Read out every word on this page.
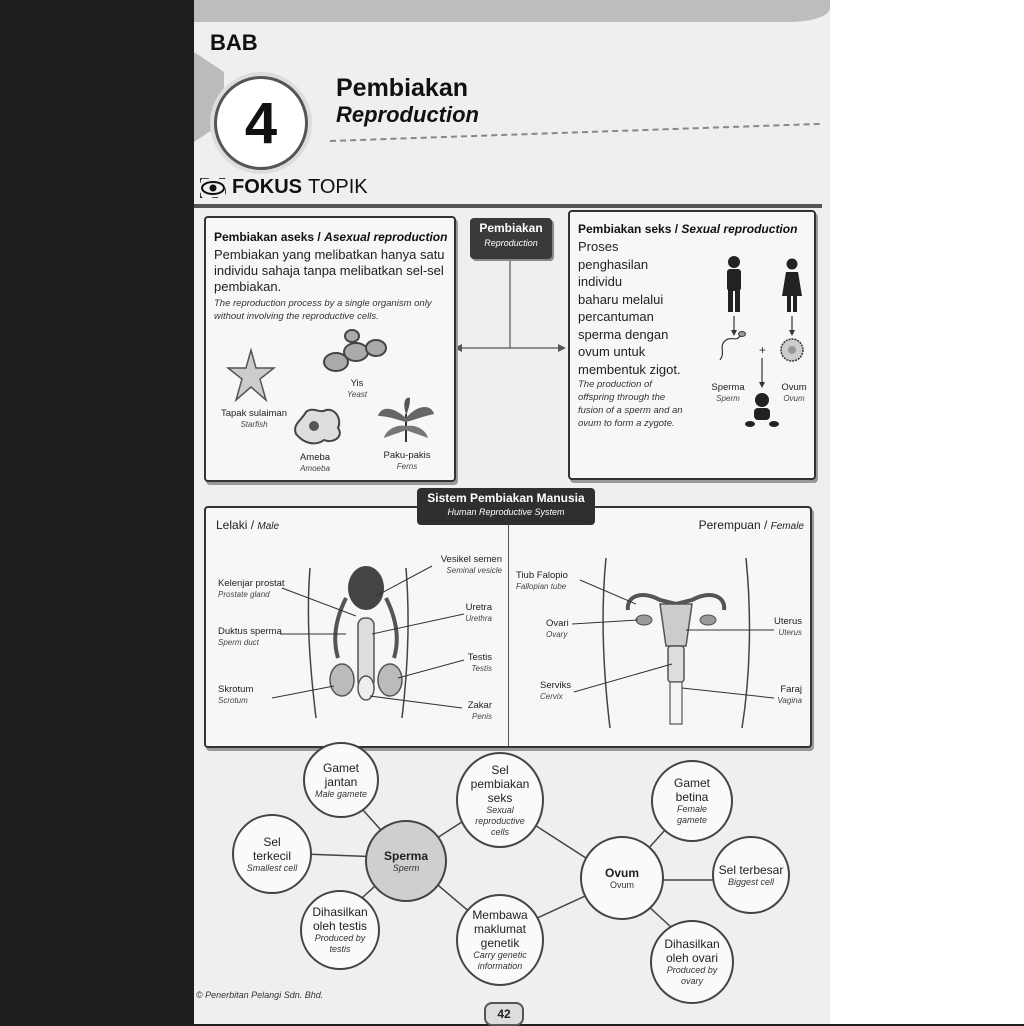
BAB
4
Pembiakan
Reproduction
FOKUS TOPIK
Pembiakan aseks / Asexual reproduction
Pembiakan yang melibatkan hanya satu individu sahaja tanpa melibatkan sel-sel pembiakan.
The reproduction process by a single organism only without involving the reproductive cells.
Tapak sulaiman
Starfish
Yis
Yeast
Ameba
Amoeba
Paku-pakis
Ferns
Pembiakan
Reproduction
Pembiakan seks / Sexual reproduction
Proses
penghasilan
individu
baharu melalui
percantuman
sperma dengan
ovum untuk
membentuk zigot.
The production of offspring through the fusion of a sperm and an ovum to form a zygote.
+
Sperma
Sperm
Ovum
Ovum
Lelaki / Male	Perempuan / Female
Kelenjar prostat
Prostate gland
Duktus sperma
Sperm duct
Skrotum
Scrotum
Vesikel semen
Seminal vesicle
Uretra
Urethra
Testis
Testis
Zakar
Penis
Tiub Falopio
Fallopian tube
Ovari
Ovary
Serviks
Cervix
Uterus
Uterus
Faraj
Vagina
Sistem Pembiakan Manusia
Human Reproductive System
Gamet
jantan
Male gamete
Sel
pembiakan
seks
Sexual
reproductive
cells
Gamet
betina
Female
gamete
Sel
terkecil
Smallest cell
Sperma
Sperm	Ovum
Ovum
Sel terbesar
Biggest cell
Dihasilkan
oleh testis
Produced by
testis
Membawa
maklumat
genetik
Carry genetic
information
Dihasilkan
oleh ovari
Produced by
ovary
© Penerbitan Pelangi Sdn. Bhd.
42
